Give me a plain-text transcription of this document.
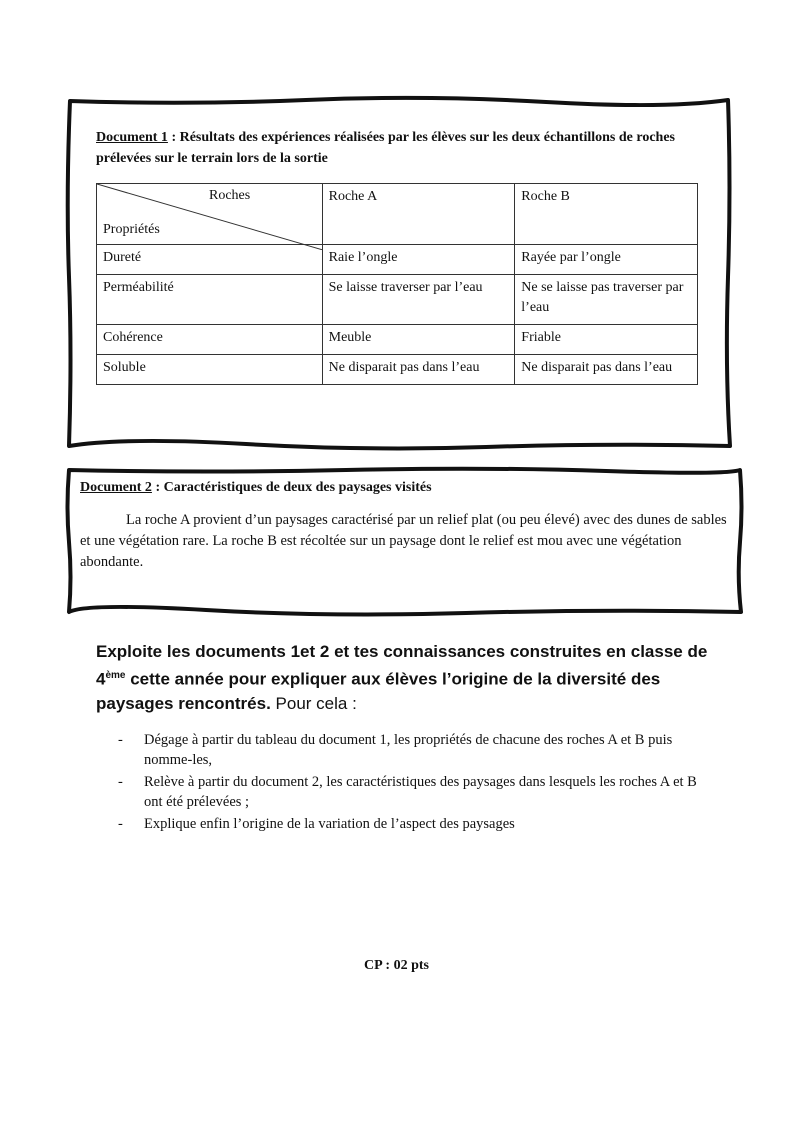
Document 1 : Résultats des expériences réalisées par les élèves sur les deux échantillons de roches prélevées sur le terrain lors de la sortie
Roches
Propriétés	Roche A	Roche B
Dureté	Raie l’ongle	Rayée par l’ongle
Perméabilité	Se laisse traverser par l’eau	Ne se laisse pas traverser par l’eau
Cohérence	Meuble	Friable
Soluble	Ne disparait pas dans l’eau	Ne disparait pas dans l’eau
Document 2 : Caractéristiques de deux des paysages visités
La roche A provient d’un paysages caractérisé par un relief plat (ou peu élevé) avec des dunes de sables et une végétation rare. La roche B est récoltée sur un paysage dont le relief est mou avec une végétation abondante.
Exploite les documents 1et 2 et tes connaissances construites en classe de 4ème cette année pour expliquer aux élèves l’origine de la diversité des paysages rencontrés. Pour cela :
- Dégage à partir du tableau du document 1, les propriétés de chacune des roches A et B puis nomme-les,
- Relève à partir du document 2, les caractéristiques des paysages dans lesquels les roches A et B ont été prélevées ;
- Explique enfin l’origine de la variation de l’aspect des paysages
CP : 02 pts
